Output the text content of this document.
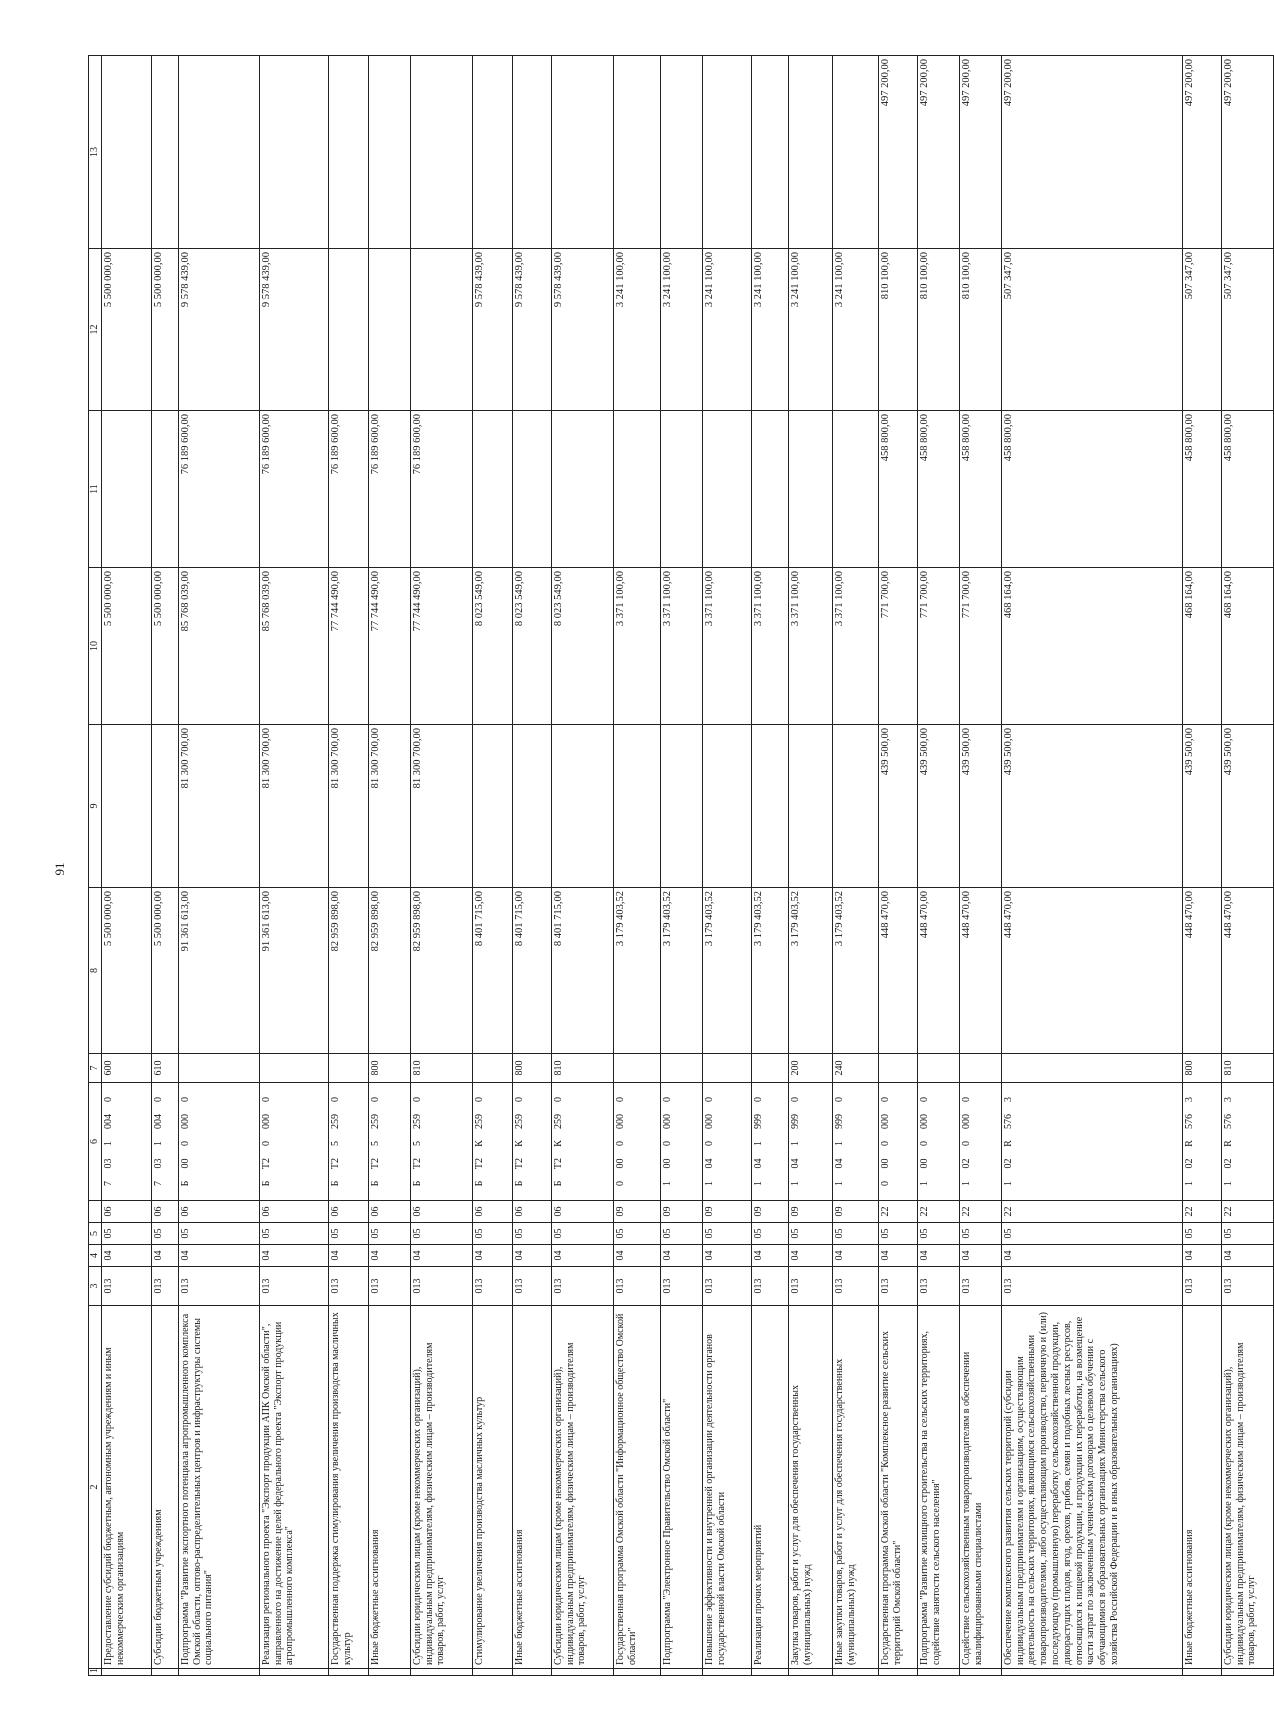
91
1	2	3	4	5		6	7	8	9	10	11	12	13
	Предоставление субсидий бюджетным, автономным учреждениям и иным некоммерческим организациям	013	04	05	06	70310040	600	5 500 000,00		5 500 000,00		5 500 000,00	
	Субсидии бюджетным учреждениям	013	04	05	06	70310040	610	5 500 000,00		5 500 000,00		5 500 000,00	
	Подпрограмма "Развитие экспортного потенциала агропромышленного комплекса Омской области, оптово-распределительных центров и инфраструктуры системы социального питания"	013	04	05	06	Б0000000		91 361 613,00	81 300 700,00	85 768 039,00	76 189 600,00	9 578 439,00	
	Реализация регионального проекта "Экспорт продукции АПК Омской области", направленного на достижение целей федерального проекта "Экспорт продукции агропромышленного комплекса"	013	04	05	06	БТ200000		91 361 613,00	81 300 700,00	85 768 039,00	76 189 600,00	9 578 439,00	
	Государственная поддержка стимулирования увеличения производства масличных культур	013	04	05	06	БТ252590		82 959 898,00	81 300 700,00	77 744 490,00	76 189 600,00		
	Иные бюджетные ассигнования	013	04	05	06	БТ252590	800	82 959 898,00	81 300 700,00	77 744 490,00	76 189 600,00		
	Субсидии юридическим лицам (кроме некоммерческих организаций), индивидуальным предпринимателям, физическим лицам – производителям товаров, работ, услуг	013	04	05	06	БТ252590	810	82 959 898,00	81 300 700,00	77 744 490,00	76 189 600,00		
	Стимулирование увеличения производства масличных культур	013	04	05	06	БТ2К2590		8 401 715,00		8 023 549,00		9 578 439,00	
	Иные бюджетные ассигнования	013	04	05	06	БТ2К2590	800	8 401 715,00		8 023 549,00		9 578 439,00	
	Субсидии юридическим лицам (кроме некоммерческих организаций), индивидуальным предпринимателям, физическим лицам – производителям товаров, работ, услуг	013	04	05	06	БТ2К2590	810	8 401 715,00		8 023 549,00		9 578 439,00	
	Государственная программа Омской области "Информационное общество Омской области"	013	04	05	09	00000000		3 179 403,52		3 371 100,00		3 241 100,00	
	Подпрограмма "Электронное Правительство Омской области"	013	04	05	09	10000000		3 179 403,52		3 371 100,00		3 241 100,00	
	Повышение эффективности и внутренней организации деятельности органов государственной власти Омской области	013	04	05	09	10400000		3 179 403,52		3 371 100,00		3 241 100,00	
	Реализация прочих мероприятий	013	04	05	09	10419990		3 179 403,52		3 371 100,00		3 241 100,00	
	Закупка товаров, работ и услуг для обеспечения государственных (муниципальных) нужд	013	04	05	09	10419990	200	3 179 403,52		3 371 100,00		3 241 100,00	
	Иные закупки товаров, работ и услуг для обеспечения государственных (муниципальных) нужд	013	04	05	09	10419990	240	3 179 403,52		3 371 100,00		3 241 100,00	
	Государственная программа Омской области "Комплексное развитие сельских территорий Омской области"	013	04	05	22	00000000		448 470,00	439 500,00	771 700,00	458 800,00	810 100,00	497 200,00
	Подпрограмма "Развитие жилищного строительства на сельских территориях, содействие занятости сельского населения"	013	04	05	22	10000000		448 470,00	439 500,00	771 700,00	458 800,00	810 100,00	497 200,00
	Содействие сельскохозяйственным товаропроизводителям в обеспечении квалифицированными специалистами	013	04	05	22	10200000		448 470,00	439 500,00	771 700,00	458 800,00	810 100,00	497 200,00
	Обеспечение комплексного развития сельских территорий (субсидии индивидуальным предпринимателям и организациям, осуществляющим деятельность на сельских территориях, являющимся сельскохозяйственными товаропроизводителями, либо осуществляющим производство, первичную и (или) последующую (промышленную) переработку сельскохозяйственной продукции, дикорастущих плодов, ягод, орехов, грибов, семян и подобных лесных ресурсов, относящихся к пищевой продукции, и продукции их переработки, на возмещение части затрат по заключенным ученическим договорам о целевом обучении с обучающимися в образовательных организациях Министерства сельского хозяйства Российской Федерации и в иных образовательных организациях)	013	04	05	22	102R5763		448 470,00	439 500,00	468 164,00	458 800,00	507 347,00	497 200,00
	Иные бюджетные ассигнования	013	04	05	22	102R5763	800	448 470,00	439 500,00	468 164,00	458 800,00	507 347,00	497 200,00
	Субсидии юридическим лицам (кроме некоммерческих организаций), индивидуальным предпринимателям, физическим лицам – производителям товаров, работ, услуг	013	04	05	22	102R5763	810	448 470,00	439 500,00	468 164,00	458 800,00	507 347,00	497 200,00
